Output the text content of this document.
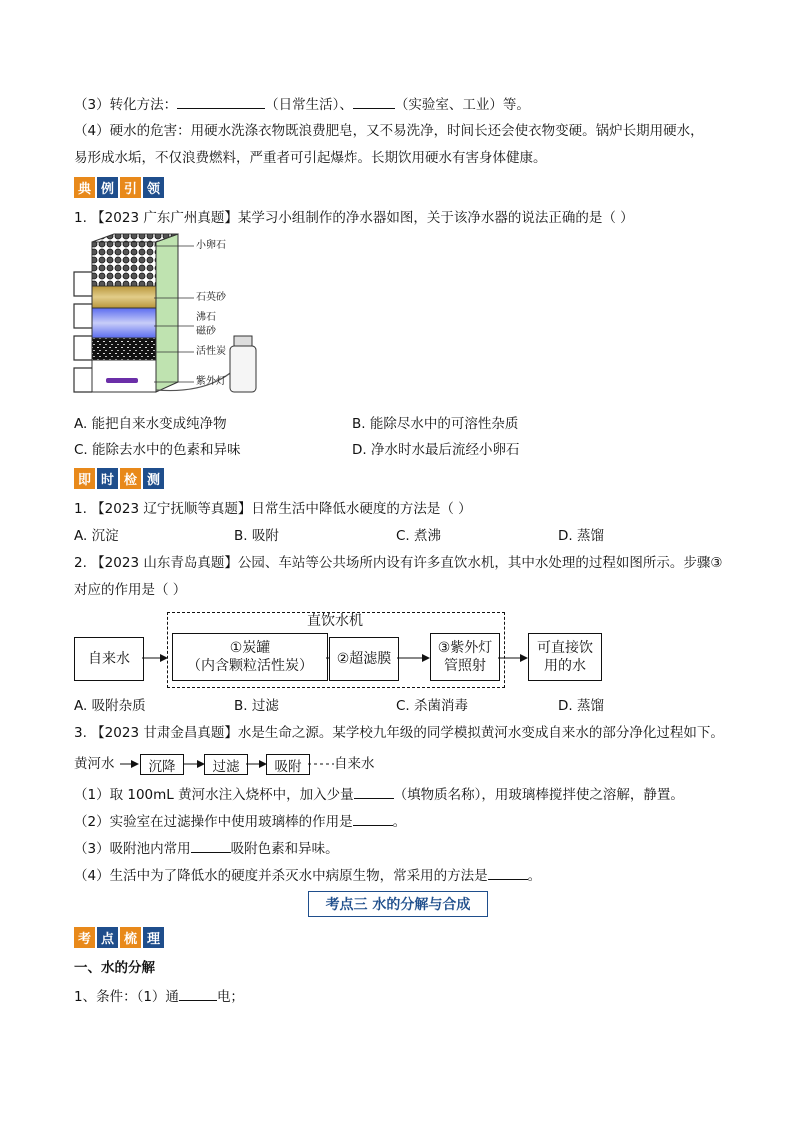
（3）转化方法：	（日常生活）、	（实验室、工业）等。
（4）硬水的危害：用硬水洗涤衣物既浪费肥皂，又不易洗净，时间长还会使衣物变硬。锅炉长期用硬水，
易形成水垢，不仅浪费燃料，严重者可引起爆炸。长期饮用硬水有害身体健康。
典 例 引 领
1. 【2023 广东广州真题】某学习小组制作的净水器如图，关于该净水器的说法正确的是（ ）
小卵石
石英砂
沸石
磁砂
活性炭
紫外灯
A. 能把自来水变成纯净物	B. 能除尽水中的可溶性杂质
C. 能除去水中的色素和异味	D. 净水时水最后流经小卵石
即 时 检 测
1. 【2023 辽宁抚顺等真题】日常生活中降低水硬度的方法是（ ）
A. 沉淀	B. 吸附	C. 煮沸	D. 蒸馏
2. 【2023 山东青岛真题】公园、车站等公共场所内设有许多直饮水机，其中水处理的过程如图所示。步骤③
对应的作用是（ ）
直饮水机
自来水
①炭罐
（内含颗粒活性炭）	②超滤膜
③紫外灯
管照射
可直接饮
用的水
A. 吸附杂质	B. 过滤	C. 杀菌消毒	D. 蒸馏
3. 【2023 甘肃金昌真题】水是生命之源。某学校九年级的同学模拟黄河水变成自来水的部分净化过程如下。
黄河水	沉降	过滤	吸附	自来水
（1）取 100mL 黄河水注入烧杯中，加入少量	（填物质名称），用玻璃棒搅拌使之溶解，静置。
（2）实验室在过滤操作中使用玻璃棒的作用是	。
（3）吸附池内常用	吸附色素和异味。
（4）生活中为了降低水的硬度并杀灭水中病原生物，常采用的方法是	。
考点三 水的分解与合成
考 点 梳 理
一、水的分解
1、条件：（1）通	电；
